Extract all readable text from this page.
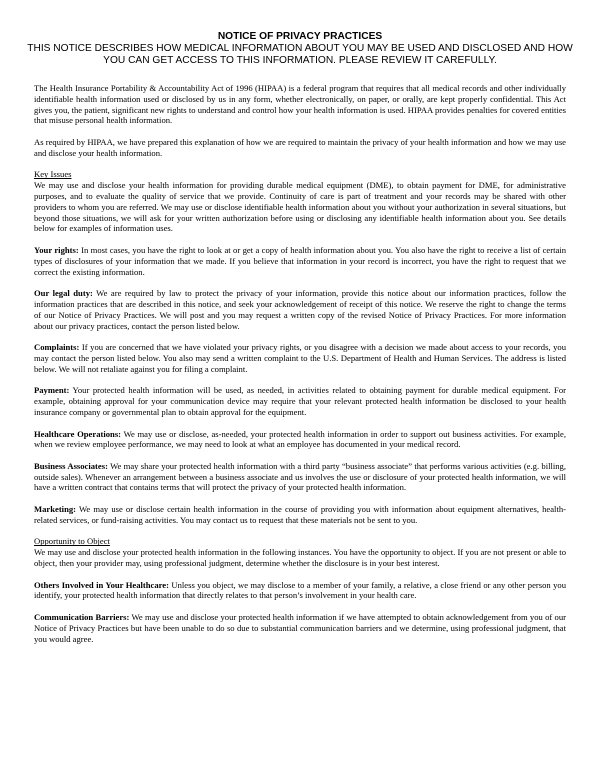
NOTICE OF PRIVACY PRACTICES
THIS NOTICE DESCRIBES HOW MEDICAL INFORMATION ABOUT YOU MAY BE USED AND DISCLOSED AND HOW
YOU CAN GET ACCESS TO THIS INFORMATION. PLEASE REVIEW IT CAREFULLY.

The Health Insurance Portability & Accountability Act of 1996 (HIPAA) is a federal program that requires that all medical records and other individually identifiable health information used or disclosed by us in any form, whether electronically, on paper, or orally, are kept properly confidential. This Act gives you, the patient, significant new rights to understand and control how your health information is used. HIPAA provides penalties for covered entities that misuse personal health information.

As required by HIPAA, we have prepared this explanation of how we are required to maintain the privacy of your health information and how we may use and disclose your health information.

Key Issues
We may use and disclose your health information for providing durable medical equipment (DME), to obtain payment for DME, for administrative purposes, and to evaluate the quality of service that we provide. Continuity of care is part of treatment and your records may be shared with other providers to whom you are referred. We may use or disclose identifiable health information about you without your authorization in several situations, but beyond those situations, we will ask for your written authorization before using or disclosing any identifiable health information about you. See details below for examples of information uses.

Your rights: In most cases, you have the right to look at or get a copy of health information about you. You also have the right to receive a list of certain types of disclosures of your information that we made. If you believe that information in your record is incorrect, you have the right to request that we correct the existing information.

Our legal duty: We are required by law to protect the privacy of your information, provide this notice about our information practices, follow the information practices that are described in this notice, and seek your acknowledgement of receipt of this notice. We reserve the right to change the terms of our Notice of Privacy Practices. We will post and you may request a written copy of the revised Notice of Privacy Practices. For more information about our privacy practices, contact the person listed below.

Complaints: If you are concerned that we have violated your privacy rights, or you disagree with a decision we made about access to your records, you may contact the person listed below. You also may send a written complaint to the U.S. Department of Health and Human Services. The address is listed below. We will not retaliate against you for filing a complaint.

Payment: Your protected health information will be used, as needed, in activities related to obtaining payment for durable medical equipment. For example, obtaining approval for your communication device may require that your relevant protected health information be disclosed to your health insurance company or governmental plan to obtain approval for the equipment.

Healthcare Operations: We may use or disclose, as-needed, your protected health information in order to support out business activities. For example, when we review employee performance, we may need to look at what an employee has documented in your medical record.

Business Associates: We may share your protected health information with a third party “business associate” that performs various activities (e.g. billing, outside sales). Whenever an arrangement between a business associate and us involves the use or disclosure of your protected health information, we will have a written contract that contains terms that will protect the privacy of your protected health information.

Marketing: We may use or disclose certain health information in the course of providing you with information about equipment alternatives, health-related services, or fund-raising activities. You may contact us to request that these materials not be sent to you.

Opportunity to Object
We may use and disclose your protected health information in the following instances. You have the opportunity to object. If you are not present or able to object, then your provider may, using professional judgment, determine whether the disclosure is in your best interest.

Others Involved in Your Healthcare: Unless you object, we may disclose to a member of your family, a relative, a close friend or any other person you identify, your protected health information that directly relates to that person’s involvement in your health care.

Communication Barriers: We may use and disclose your protected health information if we have attempted to obtain acknowledgement from you of our Notice of Privacy Practices but have been unable to do so due to substantial communication barriers and we determine, using professional judgment, that you would agree.
